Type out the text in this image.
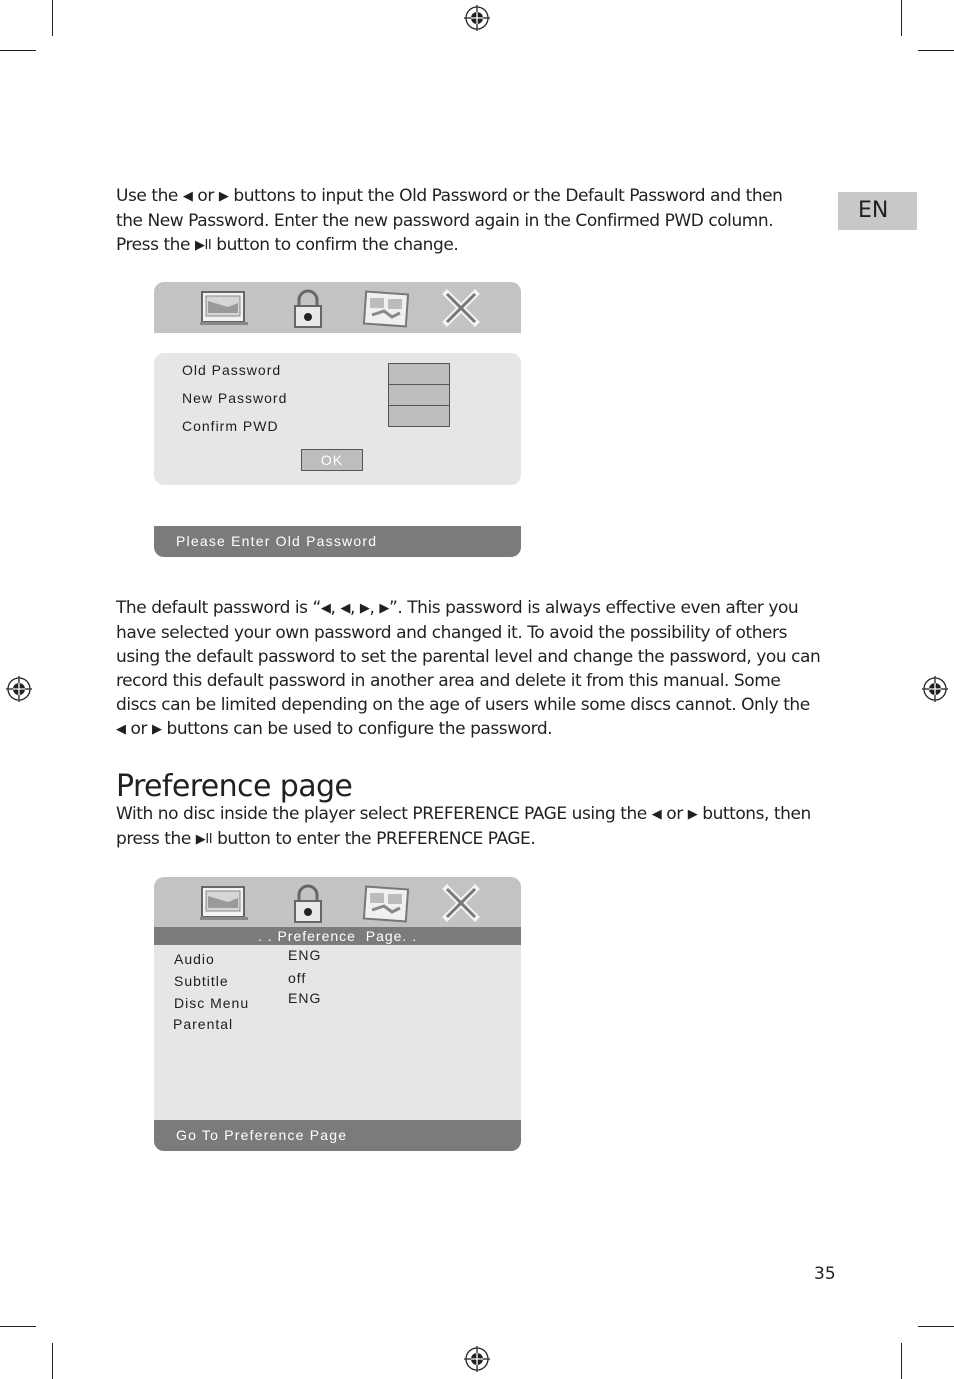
EN

Use the ◀ or ▶ buttons to input the Old Password or the Default Password and then
the New Password. Enter the new password again in the Confirmed PWD column.
Press the ▶II button to confirm the change.

Old Password
New Password
Confirm PWD
OK
Please Enter Old Password

The default password is “◀, ◀, ▶, ▶”. This password is always effective even after you
have selected your own password and changed it. To avoid the possibility of others
using the default password to set the parental level and change the password, you can
record this default password in another area and delete it from this manual. Some
discs can be limited depending on the age of users while some discs cannot. Only the
◀ or ▶ buttons can be used to configure the password.

Preference page

With no disc inside the player select PREFERENCE PAGE using the ◀ or ▶ buttons, then
press the ▶II button to enter the PREFERENCE PAGE.

. . Preference  Page. .
Audio
Subtitle
Disc Menu
Parental
ENG
off
ENG
Go To Preference Page
35
